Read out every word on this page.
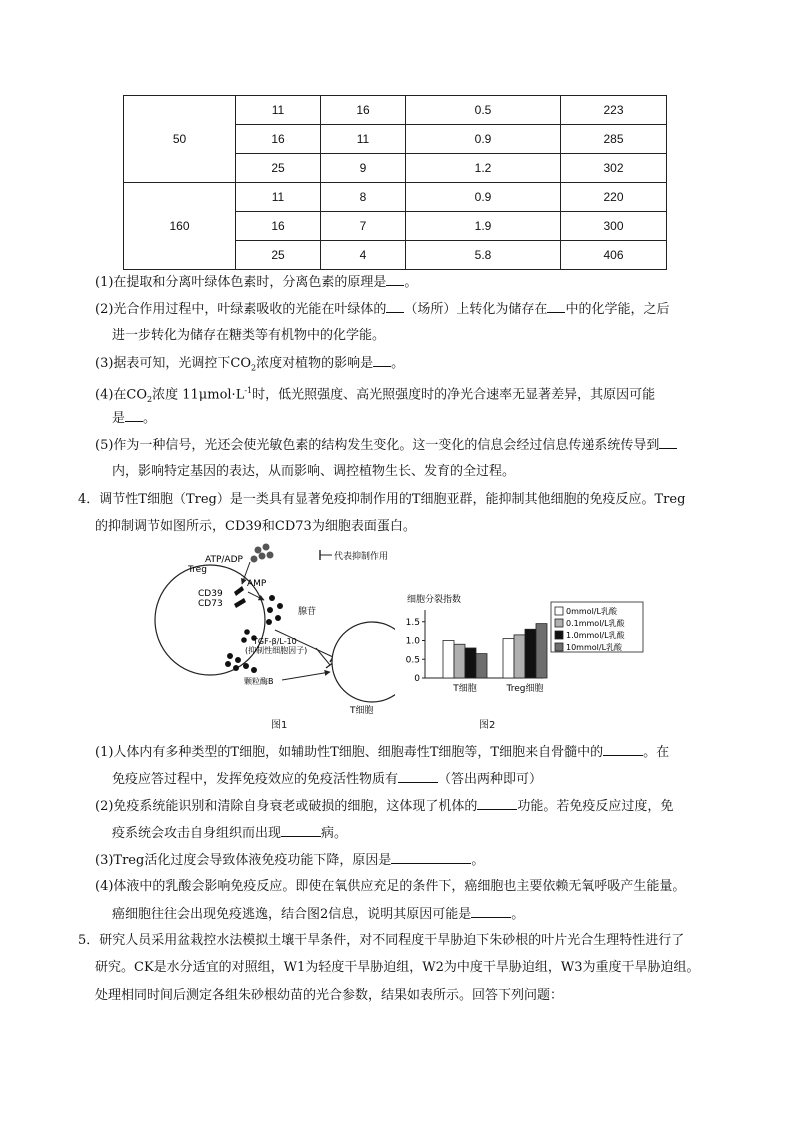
50	11	16	0.5	223
	16	11	0.9	285
	25	9	1.2	302
160	11	8	0.9	220
	16	7	1.9	300
	25	4	5.8	406
(1)在提取和分离叶绿体色素时，分离色素的原理是 。
(2)光合作用过程中，叶绿素吸收的光能在叶绿体的 （场所）上转化为储存在 中的化学能，之后
进一步转化为储存在糖类等有机物中的化学能。
(3)据表可知，光调控下$CO_2$浓度对植物的影响是 。
(4)在$CO_2$浓度 $11\mu mol\cdot L^{-1}$时，低光照强度、高光照强度时的净光合速率无显著差异，其原因可能
是 。
(5)作为一种信号，光还会使光敏色素的结构发生变化。这一变化的信息会经过信息传递系统传导到
内，影响特定基因的表达，从而影响、调控植物生长、发育的全过程。
4．调节性T细胞（Treg）是一类具有显著免疫抑制作用的T细胞亚群，能抑制其他细胞的免疫反应。Treg
的抑制调节如图所示，CD39和CD73为细胞表面蛋白。
Treg
ATP/ADP
CD39
CD73
AMP
腺苷
代表抑制作用
TGF-β/L-10
(抑制性细胞因子)
颗粒酶B
T细胞
图1
细胞分裂指数
0
0.5
1.0
1.5
T细胞	Treg细胞
0mmol/L乳酸
0.1mmol/L乳酸
1.0mmol/L乳酸
10mmol/L乳酸
图2
(1)人体内有多种类型的T细胞，如辅助性T细胞、细胞毒性T细胞等，T细胞来自骨髓中的	。在
免疫应答过程中，发挥免疫效应的免疫活性物质有	（答出两种即可）
(2)免疫系统能识别和清除自身衰老或破损的细胞，这体现了机体的	功能。若免疫反应过度，免
疫系统会攻击自身组织而出现	病。
(3)Treg活化过度会导致体液免疫功能下降，原因是	。
(4)体液中的乳酸会影响免疫反应。即使在氧供应充足的条件下，癌细胞也主要依赖无氧呼吸产生能量。
癌细胞往往会出现免疫逃逸，结合图2信息，说明其原因可能是	。
5．研究人员采用盆栽控水法模拟土壤干旱条件，对不同程度干旱胁迫下朱砂根的叶片光合生理特性进行了
研究。CK是水分适宜的对照组，W1为轻度干旱胁迫组，W2为中度干旱胁迫组，W3为重度干旱胁迫组。
处理相同时间后测定各组朱砂根幼苗的光合参数，结果如表所示。回答下列问题：
